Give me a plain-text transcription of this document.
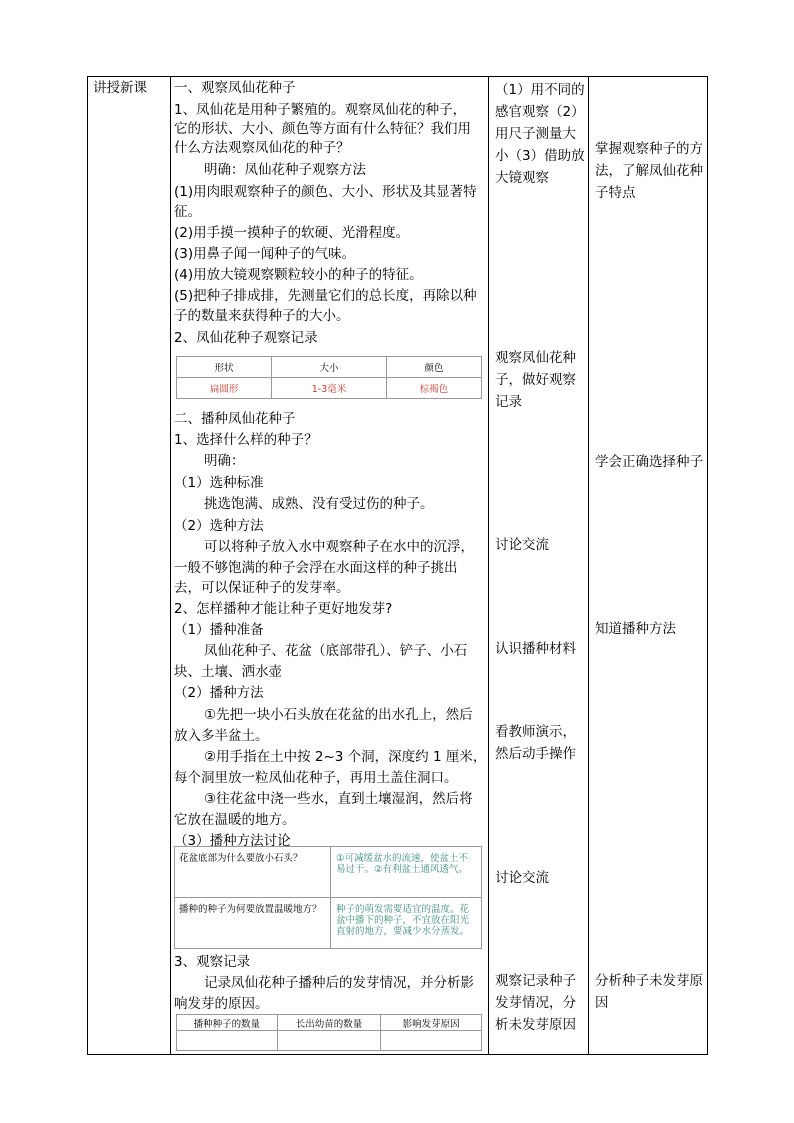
讲授新课 一、观察凤仙花种子
1、凤仙花是用种子繁殖的。观察凤仙花的种子，
它的形状、大小、颜色等方面有什么特征？我们用
什么方法观察凤仙花的种子？
明确：凤仙花种子观察方法
(1)用肉眼观察种子的颜色、大小、形状及其显著特
征。
(2)用手摸一摸种子的软硬、光滑程度。
(3)用鼻子闻一闻种子的气味。
(4)用放大镜观察颗粒较小的种子的特征。
(5)把种子排成排，先测量它们的总长度，再除以种
子的数量来获得种子的大小。
2、凤仙花种子观察记录
形状	大小	颜色
扁圆形	1-3毫米	棕褐色
二、播种凤仙花种子
1、选择什么样的种子？
明确：
（1）选种标准
挑选饱满、成熟、没有受过伤的种子。
（2）选种方法
可以将种子放入水中观察种子在水中的沉浮，
一般不够饱满的种子会浮在水面这样的种子挑出
去，可以保证种子的发芽率。
2、怎样播种才能让种子更好地发芽?
（1）播种准备
凤仙花种子、花盆（底部带孔）、铲子、小石
块、土壤、洒水壶
（2）播种方法
①先把一块小石头放在花盆的出水孔上，然后
放入多半盆土。
②用手指在土中按 2~3 个洞，深度约 1 厘米，
每个洞里放一粒凤仙花种子，再用土盖住洞口。
③往花盆中浇一些水，直到土壤湿润，然后将
它放在温暖的地方。
（3）播种方法讨论
花盆底部为什么要放小石头？	①可减缓盆水的流速，使盆土不易过干。②有利盆土通风透气。
播种的种子为何要放置温暖地方？ 种子的萌发需要适宜的温度。花盆中播下的种子，不宜放在阳光直射的地方，要减少水分蒸发。
3、观察记录
记录凤仙花种子播种后的发芽情况，并分析影
响发芽的原因。
播种种子的数量	长出幼苗的数量	影响发芽原因

（1）用不同的感官观察（2）用尺子测量大小（3）借助放大镜观察
观察凤仙花种子，做好观察记录
讨论交流
认识播种材料
看教师演示，然后动手操作
讨论交流
观察记录种子发芽情况，分析未发芽原因
掌握观察种子的方法，了解凤仙花种子特点
学会正确选择种子
知道播种方法
分析种子未发芽原因
